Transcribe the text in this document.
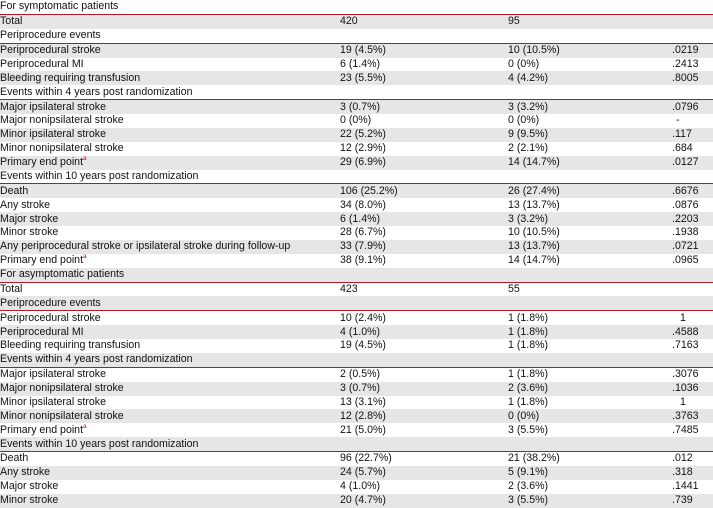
For symptomatic patients			
Total	420	95	
Periprocedure events			
Periprocedural stroke	19 (4.5%)	10 (10.5%)	.0219
Periprocedural MI	6 (1.4%)	0 (0%)	.2413
Bleeding requiring transfusion	23 (5.5%)	4 (4.2%)	.8005
Events within 4 years post randomization			
Major ipsilateral stroke	3 (0.7%)	3 (3.2%)	.0796
Major nonipsilateral stroke	0 (0%)	0 (0%)	-
Minor ipsilateral stroke	22 (5.2%)	9 (9.5%)	.117
Minor nonipsilateral stroke	12 (2.9%)	2 (2.1%)	.684
Primary end point$^a$	29 (6.9%)	14 (14.7%)	.0127
Events within 10 years post randomization			
Death	106 (25.2%)	26 (27.4%)	.6676
Any stroke	34 (8.0%)	13 (13.7%)	.0876
Major stroke	6 (1.4%)	3 (3.2%)	.2203
Minor stroke	28 (6.7%)	10 (10.5%)	.1938
Any periprocedural stroke or ipsilateral stroke during follow-up	33 (7.9%)	13 (13.7%)	.0721
Primary end point$^a$	38 (9.1%)	14 (14.7%)	.0965
For asymptomatic patients			
Total	423	55	
Periprocedure events			
Periprocedural stroke	10 (2.4%)	1 (1.8%)	1
Periprocedural MI	4 (1.0%)	1 (1.8%)	.4588
Bleeding requiring transfusion	19 (4.5%)	1 (1.8%)	.7163
Events within 4 years post randomization			
Major ipsilateral stroke	2 (0.5%)	1 (1.8%)	.3076
Major nonipsilateral stroke	3 (0.7%)	2 (3.6%)	.1036
Minor ipsilateral stroke	13 (3.1%)	1 (1.8%)	1
Minor nonipsilateral stroke	12 (2.8%)	0 (0%)	.3763
Primary end point$^a$	21 (5.0%)	3 (5.5%)	.7485
Events within 10 years post randomization			
Death	96 (22.7%)	21 (38.2%)	.012
Any stroke	24 (5.7%)	5 (9.1%)	.318
Major stroke	4 (1.0%)	2 (3.6%)	.1441
Minor stroke	20 (4.7%)	3 (5.5%)	.739
